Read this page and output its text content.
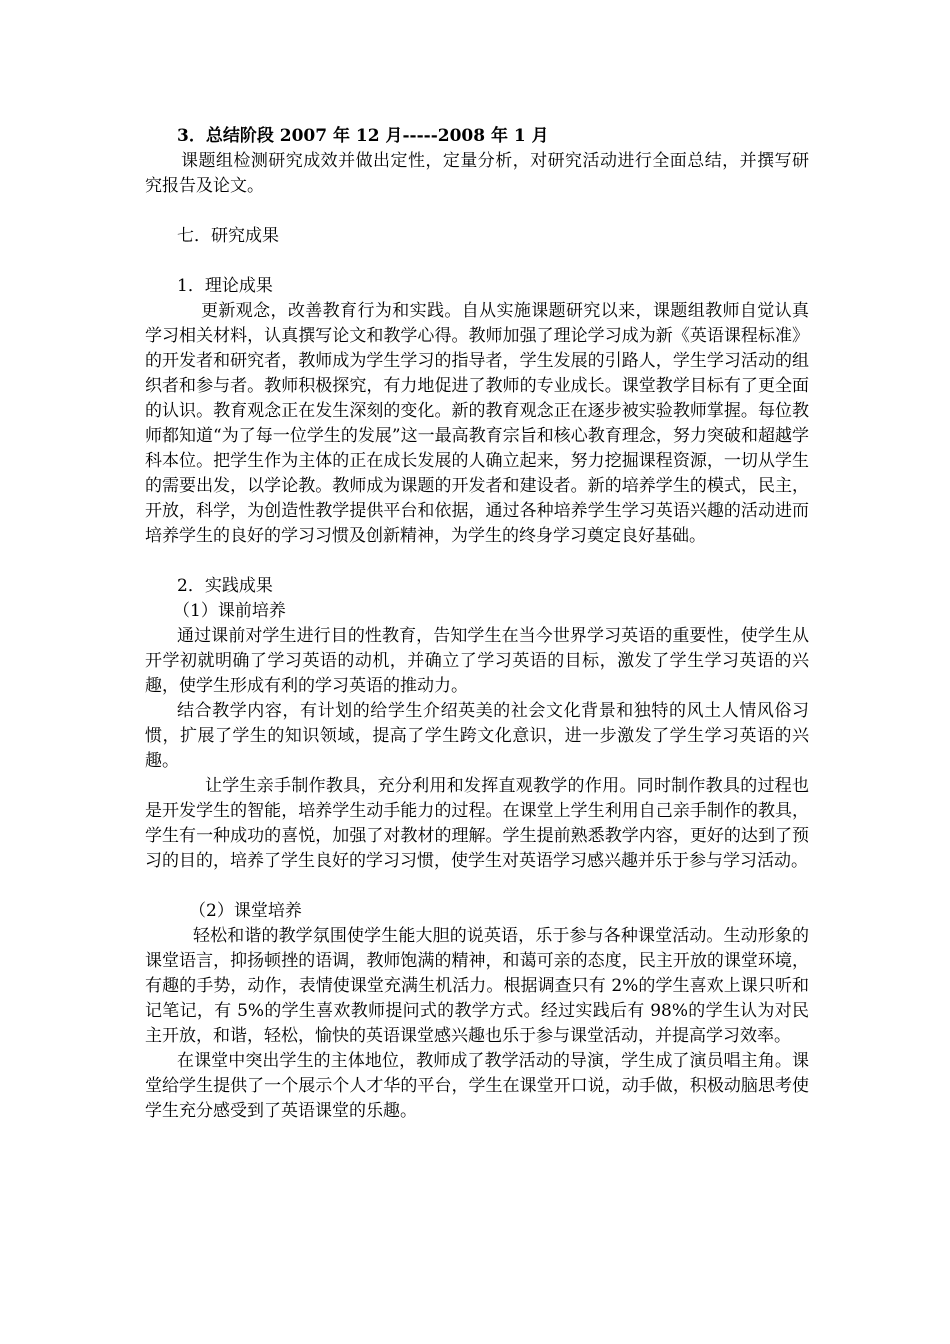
3．总结阶段 2007 年 12 月-----2008 年 1 月

课题组检测研究成效并做出定性，定量分析，对研究活动进行全面总结，并撰写研究报告及论文。

七．研究成果

1．理论成果

更新观念，改善教育行为和实践。自从实施课题研究以来，课题组教师自觉认真学习相关材料，认真撰写论文和教学心得。教师加强了理论学习成为新《英语课程标准》的开发者和研究者，教师成为学生学习的指导者，学生发展的引路人，学生学习活动的组织者和参与者。教师积极探究，有力地促进了教师的专业成长。课堂教学目标有了更全面的认识。教育观念正在发生深刻的变化。新的教育观念正在逐步被实验教师掌握。每位教师都知道“为了每一位学生的发展”这一最高教育宗旨和核心教育理念，努力突破和超越学科本位。把学生作为主体的正在成长发展的人确立起来，努力挖掘课程资源，一切从学生的需要出发，以学论教。教师成为课题的开发者和建设者。新的培养学生的模式，民主，开放，科学，为创造性教学提供平台和依据，通过各种培养学生学习英语兴趣的活动进而培养学生的良好的学习习惯及创新精神，为学生的终身学习奠定良好基础。

2．实践成果

（1）课前培养

通过课前对学生进行目的性教育，告知学生在当今世界学习英语的重要性，使学生从开学初就明确了学习英语的动机，并确立了学习英语的目标，激发了学生学习英语的兴趣，使学生形成有利的学习英语的推动力。

结合教学内容，有计划的给学生介绍英美的社会文化背景和独特的风土人情风俗习惯，扩展了学生的知识领域，提高了学生跨文化意识，进一步激发了学生学习英语的兴趣。

让学生亲手制作教具，充分利用和发挥直观教学的作用。同时制作教具的过程也是开发学生的智能，培养学生动手能力的过程。在课堂上学生利用自己亲手制作的教具，学生有一种成功的喜悦，加强了对教材的理解。学生提前熟悉教学内容，更好的达到了预习的目的，培养了学生良好的学习习惯，使学生对英语学习感兴趣并乐于参与学习活动。

（2）课堂培养

轻松和谐的教学氛围使学生能大胆的说英语，乐于参与各种课堂活动。生动形象的课堂语言，抑扬顿挫的语调，教师饱满的精神，和蔼可亲的态度，民主开放的课堂环境，有趣的手势，动作，表情使课堂充满生机活力。根据调查只有 2%的学生喜欢上课只听和记笔记，有 5%的学生喜欢教师提问式的教学方式。经过实践后有 98%的学生认为对民主开放，和谐，轻松，愉快的英语课堂感兴趣也乐于参与课堂活动，并提高学习效率。

在课堂中突出学生的主体地位，教师成了教学活动的导演，学生成了演员唱主角。课堂给学生提供了一个展示个人才华的平台，学生在课堂开口说，动手做，积极动脑思考使学生充分感受到了英语课堂的乐趣。
